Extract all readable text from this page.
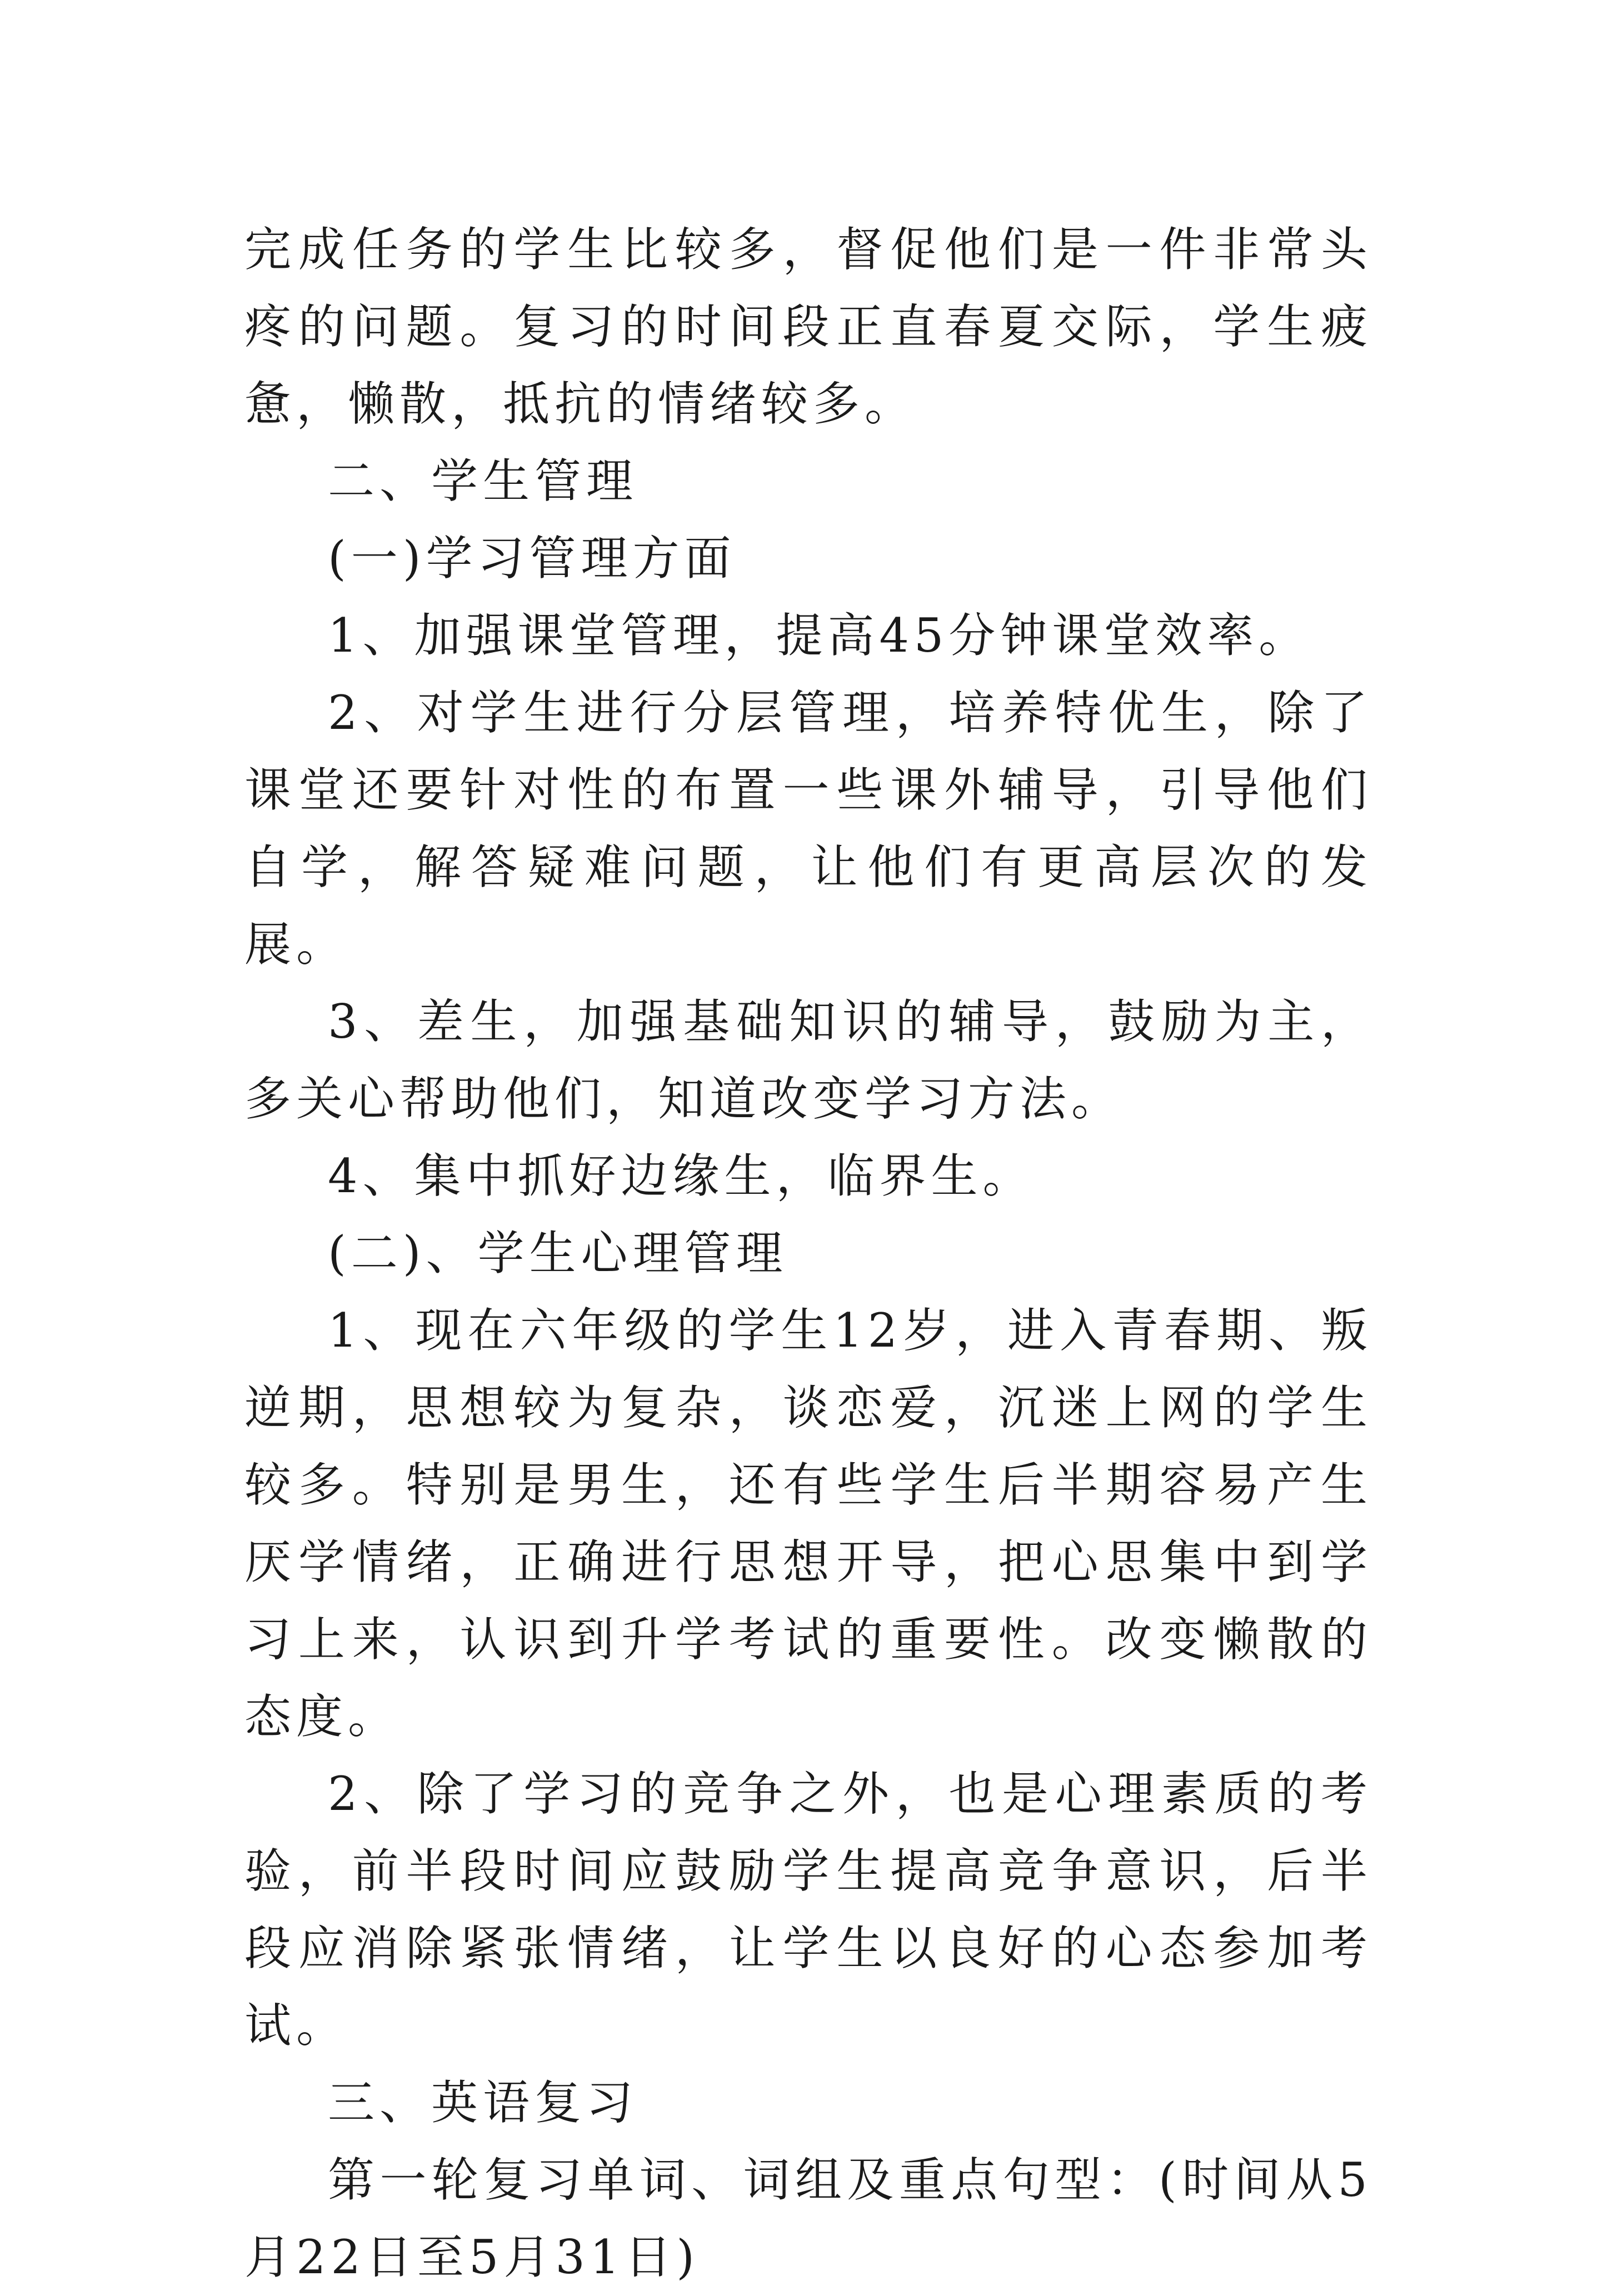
完成任务的学生比较多，督促他们是一件非常头疼的问题。复习的时间段正直春夏交际，学生疲惫，懒散，抵抗的情绪较多。

二、学生管理

(一)学习管理方面

1、加强课堂管理，提高45分钟课堂效率。

2、对学生进行分层管理，培养特优生，除了课堂还要针对性的布置一些课外辅导，引导他们自学，解答疑难问题，让他们有更高层次的发展。

3、差生，加强基础知识的辅导，鼓励为主，多关心帮助他们，知道改变学习方法。

4、集中抓好边缘生，临界生。

(二)、学生心理管理

1、现在六年级的学生12岁，进入青春期、叛逆期，思想较为复杂，谈恋爱，沉迷上网的学生较多。特别是男生，还有些学生后半期容易产生厌学情绪，正确进行思想开导，把心思集中到学习上来，认识到升学考试的重要性。改变懒散的态度。

2、除了学习的竞争之外，也是心理素质的考验，前半段时间应鼓励学生提高竞争意识，后半段应消除紧张情绪，让学生以良好的心态参加考试。

三、英语复习

第一轮复习单词、词组及重点句型：(时间从5月22日至5月31日)
